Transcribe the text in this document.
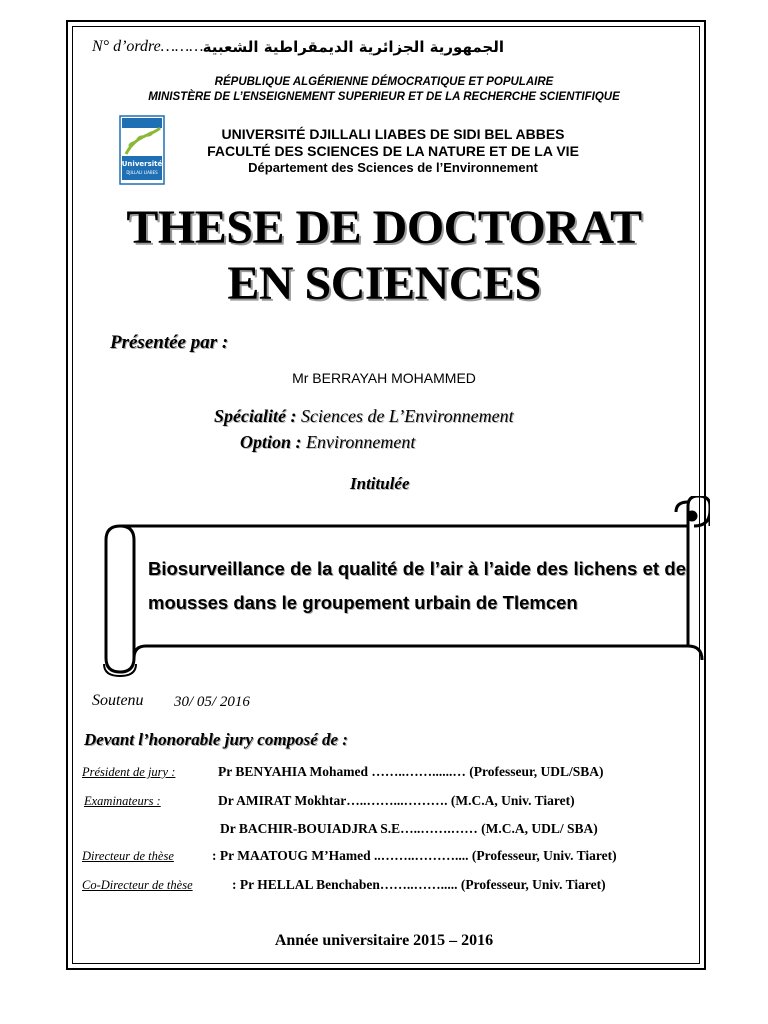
N° d’ordre……….
الجمهورية الجزائرية الديمقراطية الشعبية
RÉPUBLIQUE ALGÉRIENNE DÉMOCRATIQUE ET POPULAIRE
MINISTÈRE DE L’ENSEIGNEMENT SUPERIEUR ET DE LA RECHERCHE SCIENTIFIQUE
Université
DJILLALI LIABES
UNIVERSITÉ DJILLALI LIABES DE SIDI BEL ABBES
FACULTÉ DES SCIENCES DE LA NATURE ET DE LA VIE
Département des Sciences de l’Environnement
THESE DE DOCTORAT
EN SCIENCES
Présentée par :
Mr BERRAYAH MOHAMMED
Spécialité : Sciences de L’Environnement
Option : Environnement
Intitulée
Biosurveillance de la qualité de l’air à l’aide des lichens et de mousses dans le groupement urbain de Tlemcen
Soutenu 30/ 05/ 2016
Devant l’honorable jury composé de :
Président de jury :	Pr BENYAHIA Mohamed ……..……......… (Professeur, UDL/SBA)
Examinateurs :	Dr AMIRAT Mokhtar…..……...………. (M.C.A, Univ. Tiaret)
Dr BACHIR-BOUIADJRA S.E…..…….…… (M.C.A, UDL/ SBA)
Directeur de thèse	: Pr MAATOUG M’Hamed ..……..……….... (Professeur, Univ. Tiaret)
Co-Directeur de thèse	: Pr HELLAL Benchaben……..……..... (Professeur, Univ. Tiaret)
Année universitaire 2015 – 2016
